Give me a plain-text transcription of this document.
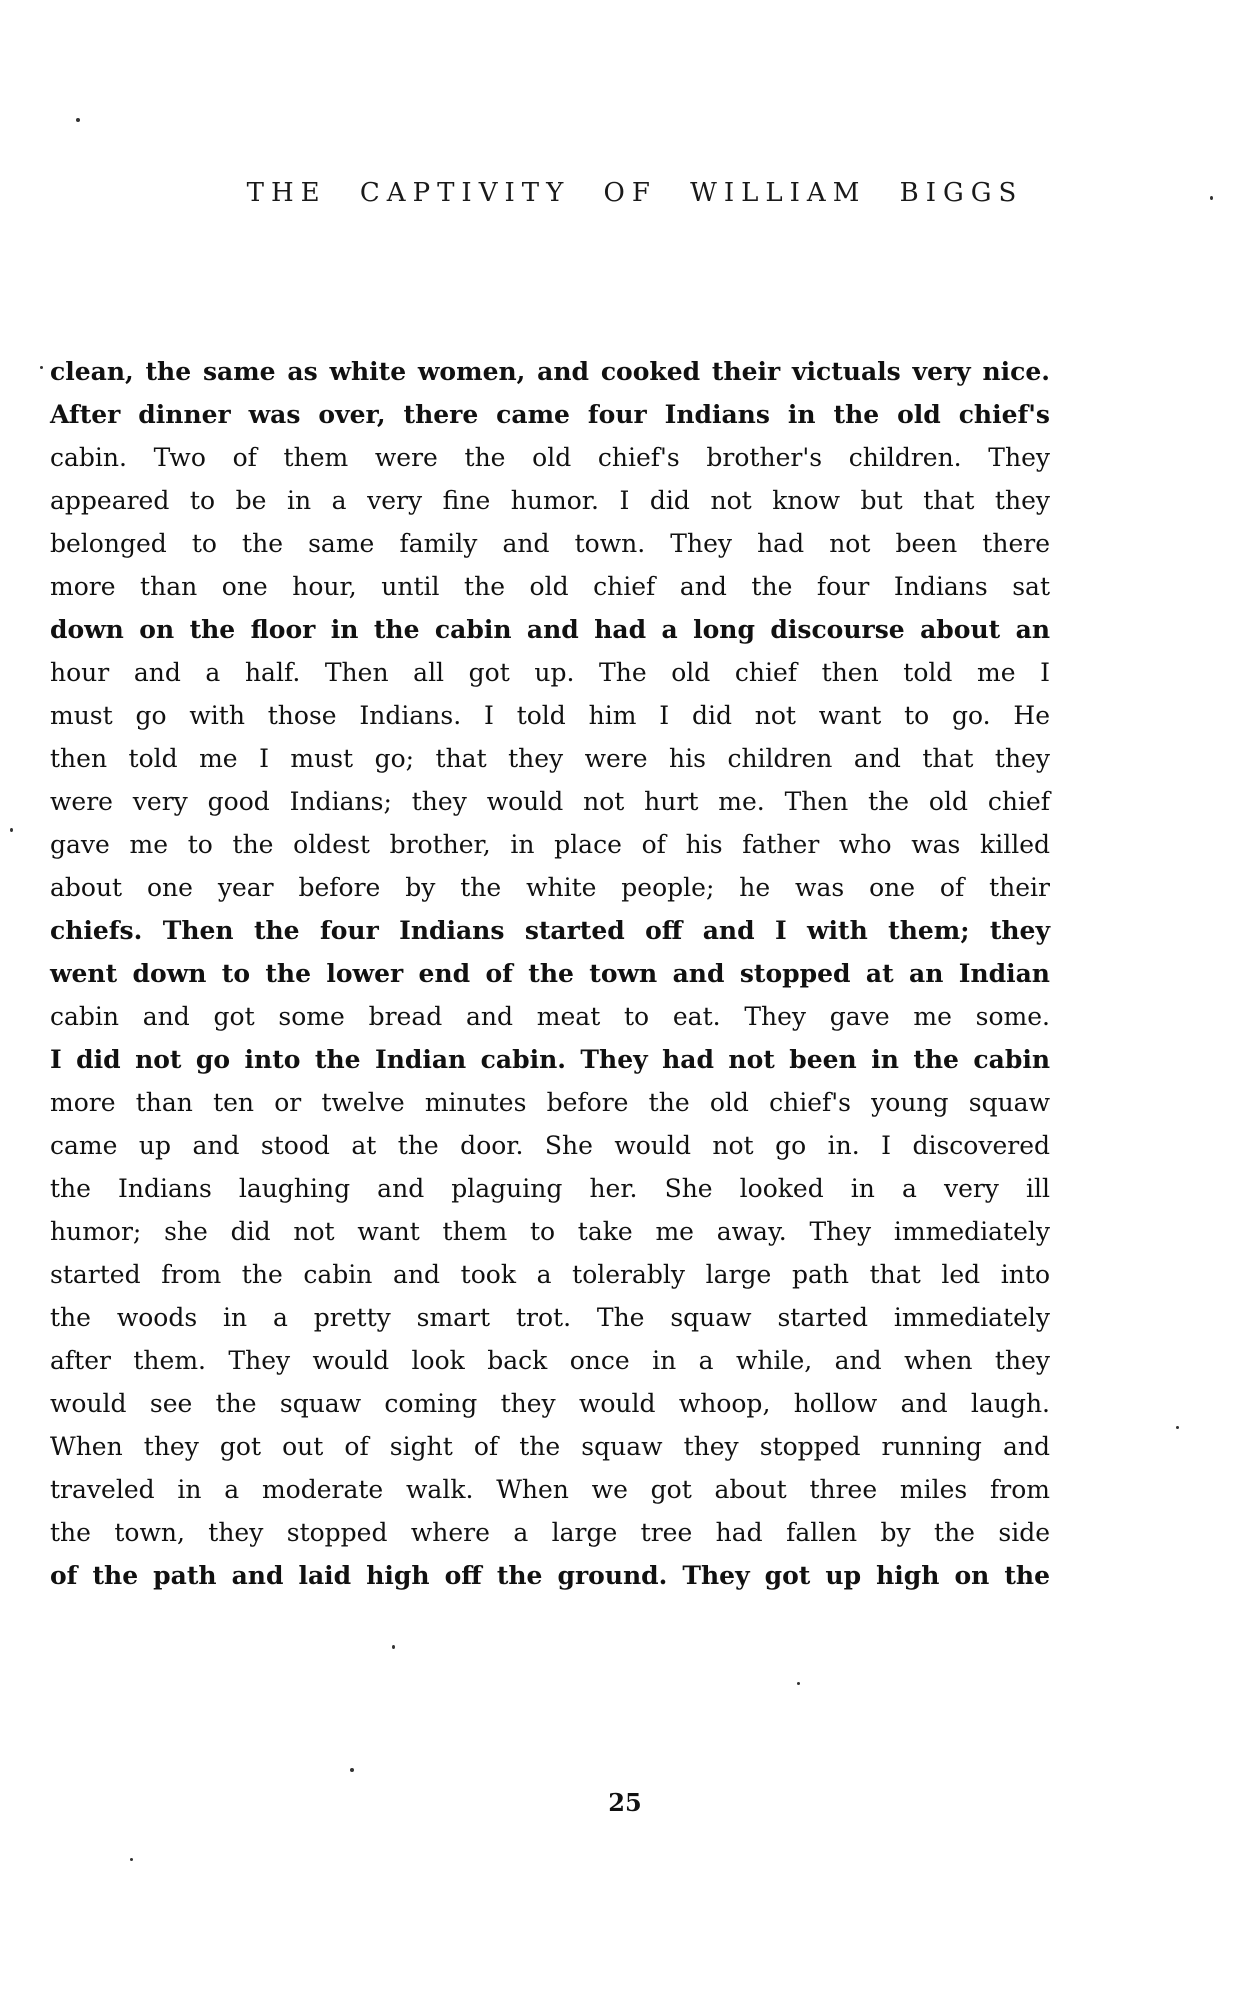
THE CAPTIVITY OF WILLIAM BIGGS
clean, the same as white women, and cooked their victuals very nice.
After dinner was over, there came four Indians in the old chief's
cabin. Two of them were the old chief's brother's children. They
appeared to be in a very fine humor. I did not know but that they
belonged to the same family and town. They had not been there
more than one hour, until the old chief and the four Indians sat
down on the floor in the cabin and had a long discourse about an
hour and a half. Then all got up. The old chief then told me I
must go with those Indians. I told him I did not want to go. He
then told me I must go; that they were his children and that they
were very good Indians; they would not hurt me. Then the old chief
gave me to the oldest brother, in place of his father who was killed
about one year before by the white people; he was one of their
chiefs. Then the four Indians started off and I with them; they
went down to the lower end of the town and stopped at an Indian
cabin and got some bread and meat to eat. They gave me some.
I did not go into the Indian cabin. They had not been in the cabin
more than ten or twelve minutes before the old chief's young squaw
came up and stood at the door. She would not go in. I discovered
the Indians laughing and plaguing her. She looked in a very ill
humor; she did not want them to take me away. They immediately
started from the cabin and took a tolerably large path that led into
the woods in a pretty smart trot. The squaw started immediately
after them. They would look back once in a while, and when they
would see the squaw coming they would whoop, hollow and laugh.
When they got out of sight of the squaw they stopped running and
traveled in a moderate walk. When we got about three miles from
the town, they stopped where a large tree had fallen by the side
of the path and laid high off the ground. They got up high on the
25
